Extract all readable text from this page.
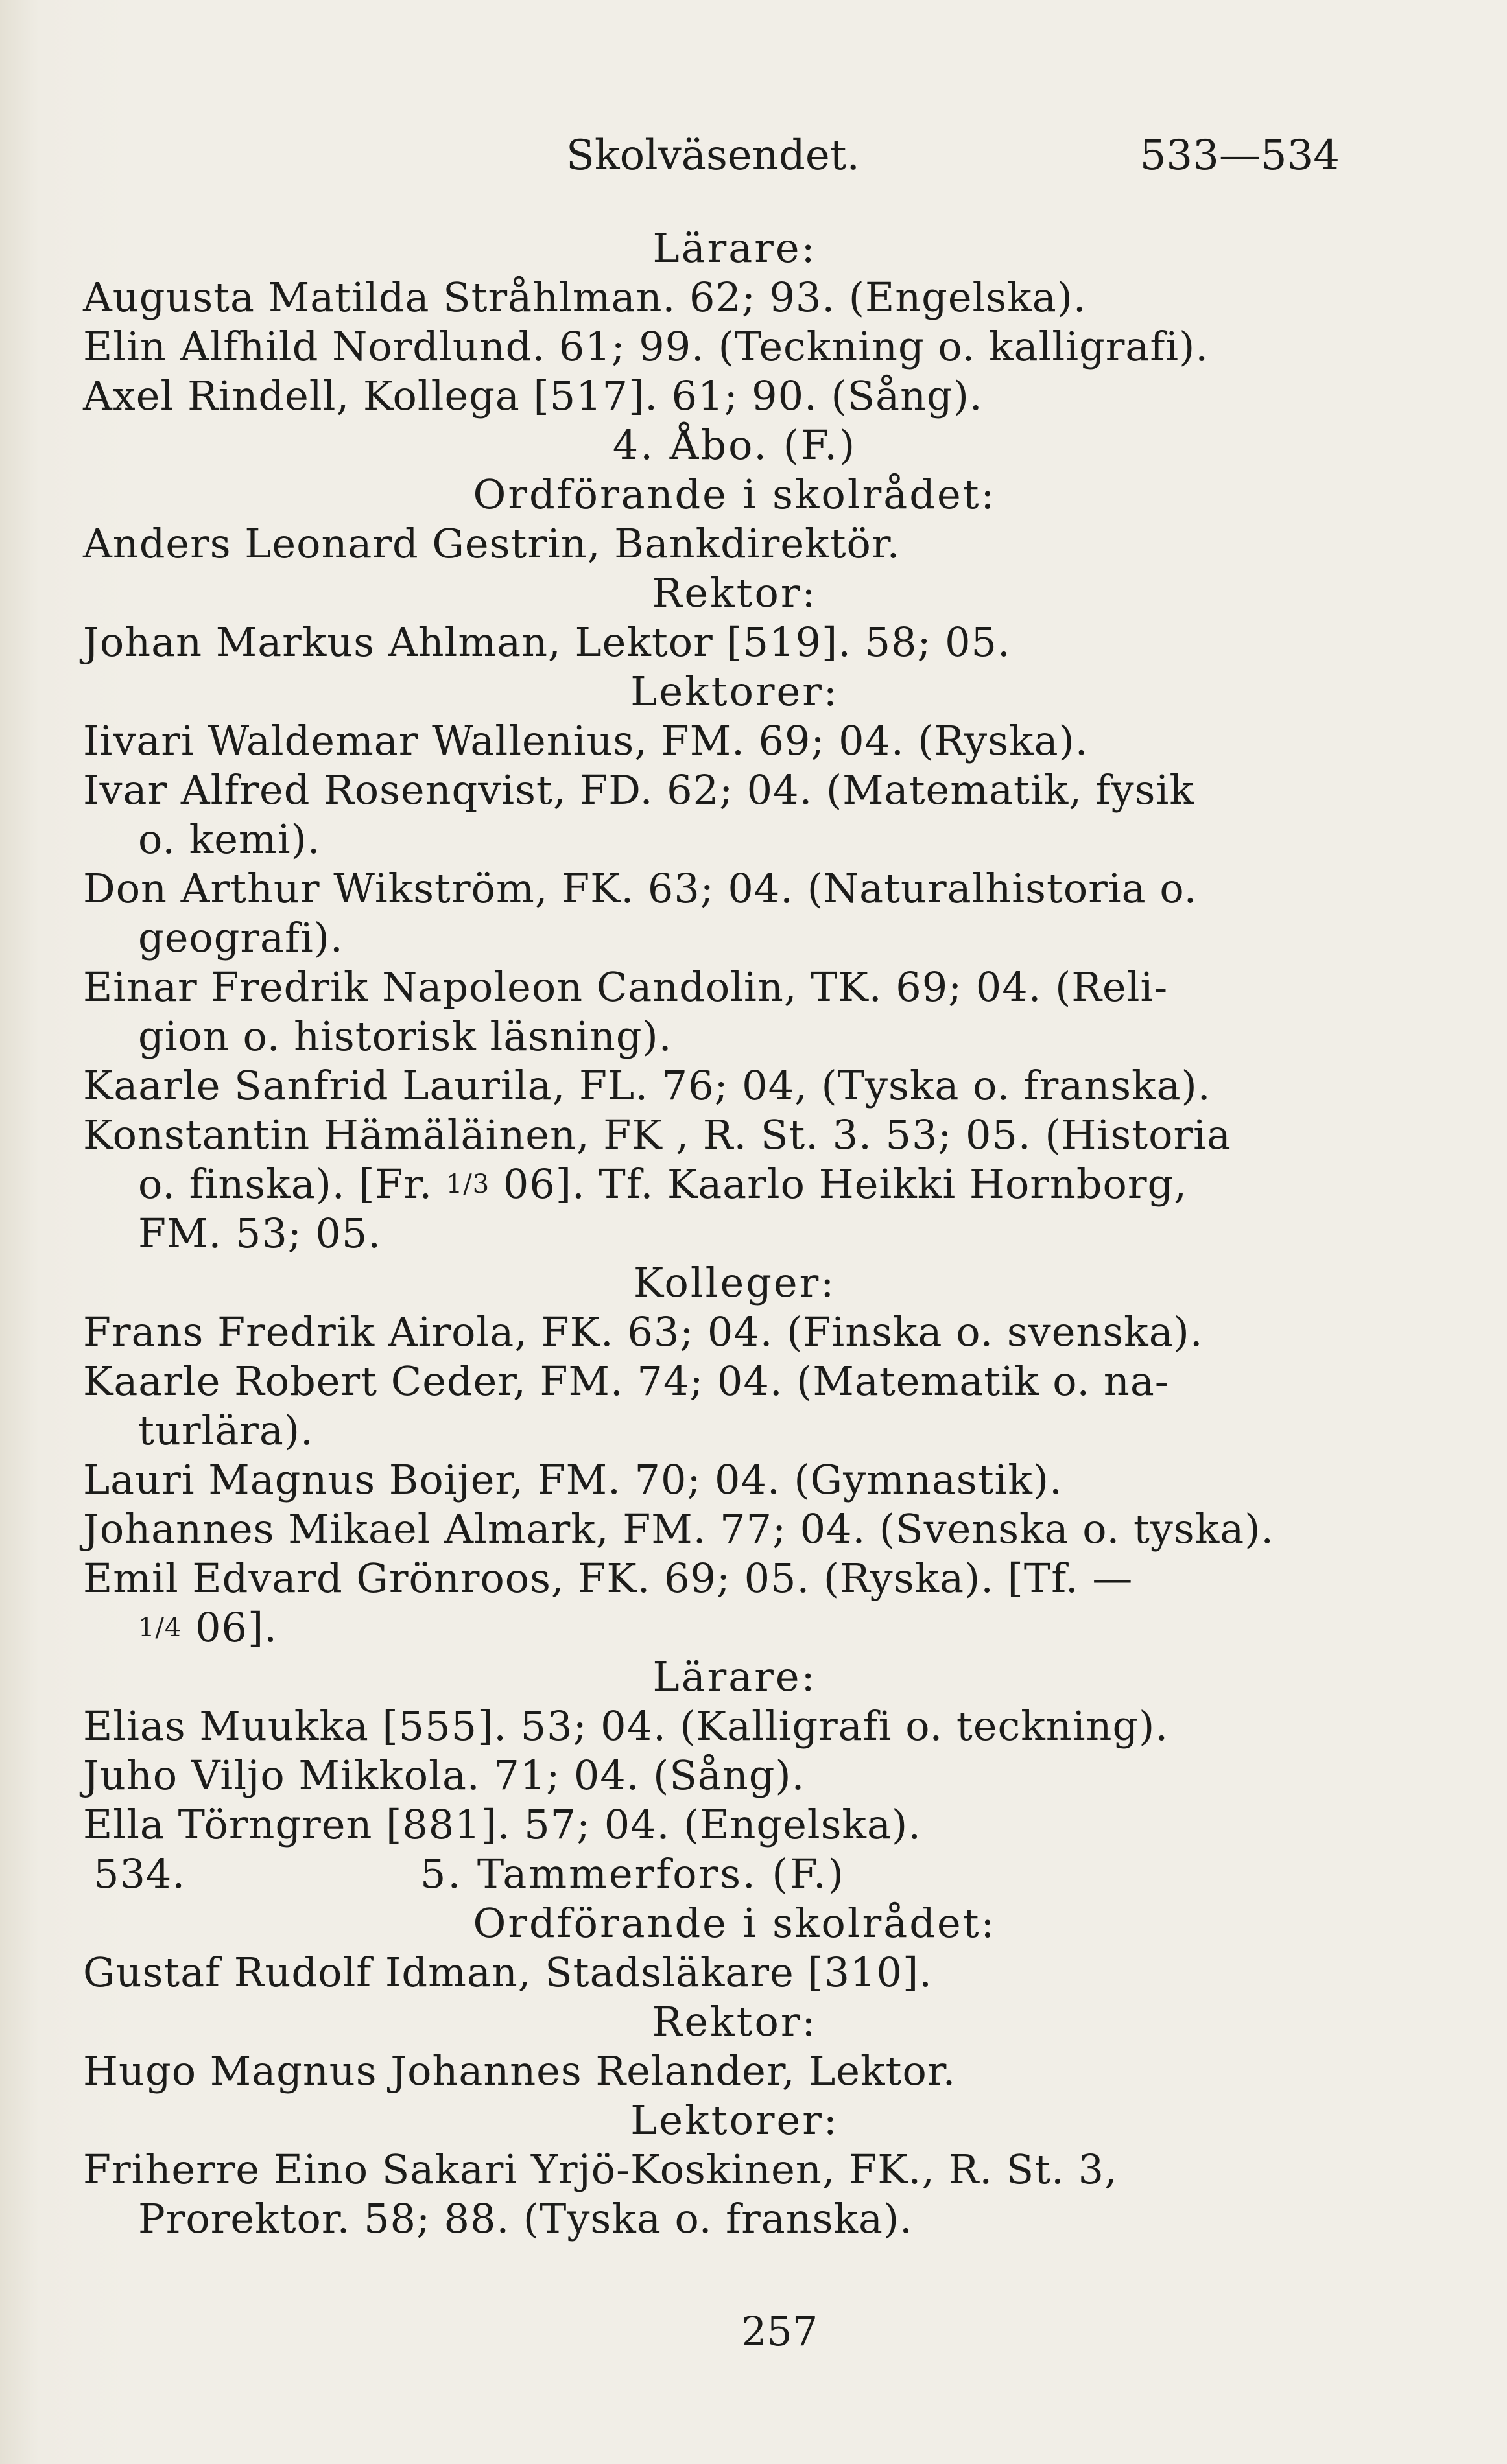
Skolväsendet.	533—534
Lärare:
Augusta Matilda Stråhlman. 62; 93. (Engelska).
Elin Alfhild Nordlund. 61; 99. (Teckning o. kalligrafi).
Axel Rindell, Kollega [517]. 61; 90. (Sång).
4. Åbo. (F.)
Ordförande i skolrådet:
Anders Leonard Gestrin, Bankdirektör.
Rektor:
Johan Markus Ahlman, Lektor [519]. 58; 05.
Lektorer:
Iivari Waldemar Wallenius, FM. 69; 04. (Ryska).
Ivar Alfred Rosenqvist, FD. 62; 04. (Matematik, fysik
o. kemi).
Don Arthur Wikström, FK. 63; 04. (Naturalhistoria o.
geografi).
Einar Fredrik Napoleon Candolin, TK. 69; 04. (Reli-
gion o. historisk läsning).
Kaarle Sanfrid Laurila, FL. 76; 04, (Tyska o. franska).
Konstantin Hämäläinen, FK , R. St. 3. 53; 05. (Historia
o. finska). [Fr. 1/3 06]. Tf. Kaarlo Heikki Hornborg,
FM. 53; 05.
Kolleger:
Frans Fredrik Airola, FK. 63; 04. (Finska o. svenska).
Kaarle Robert Ceder, FM. 74; 04. (Matematik o. na-
turlära).
Lauri Magnus Boijer, FM. 70; 04. (Gymnastik).
Johannes Mikael Almark, FM. 77; 04. (Svenska o. tyska).
Emil Edvard Grönroos, FK. 69; 05. (Ryska). [Tf. —
1/4 06].
Lärare:
Elias Muukka [555]. 53; 04. (Kalligrafi o. teckning).
Juho Viljo Mikkola. 71; 04. (Sång).
Ella Törngren [881]. 57; 04. (Engelska).
534.	5. Tammerfors. (F.)
Ordförande i skolrådet:
Gustaf Rudolf Idman, Stadsläkare [310].
Rektor:
Hugo Magnus Johannes Relander, Lektor.
Lektorer:
Friherre Eino Sakari Yrjö-Koskinen, FK., R. St. 3,
Prorektor. 58; 88. (Tyska o. franska).
257
